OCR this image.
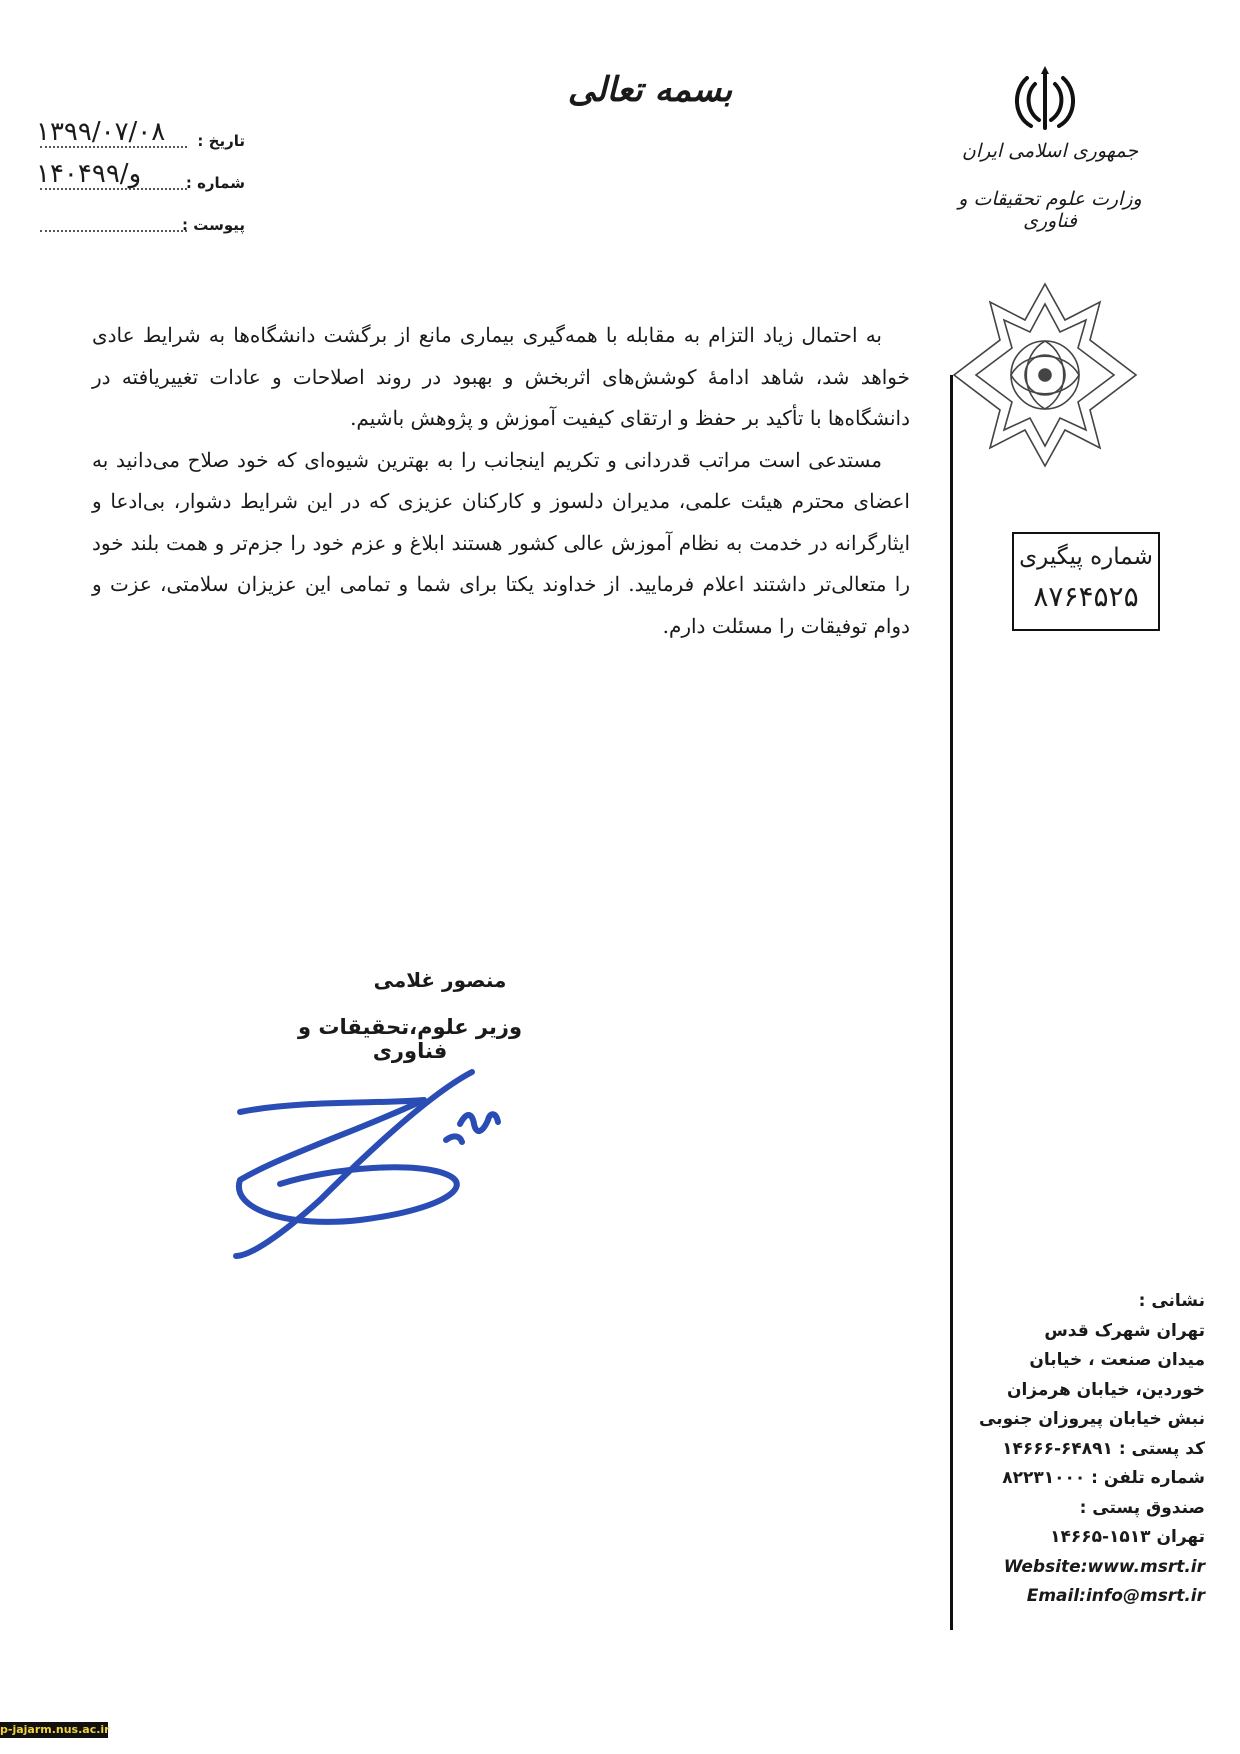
بسمه تعالی
جمهوری اسلامی ایران
وزارت علوم تحقیقات و فناوری
تاریخ :
۱۳۹۹/۰۷/۰۸
شماره :
۱۴۰۴۹۹/و
پیوست :
شماره پیگیری
۸۷۶۴۵۲۵

به احتمال زیاد التزام به مقابله با همه‌گیری بیماری مانع از برگشت دانشگاه‌ها به شرایط عادی خواهد شد، شاهد ادامهٔ کوشش‌های اثربخش و بهبود در روند اصلاحات و عادات تغییریافته در دانشگاه‌ها با تأکید بر حفظ و ارتقای کیفیت آموزش و پژوهش باشیم.

مستدعی است مراتب قدردانی و تکریم اینجانب را به بهترین شیوه‌ای که خود صلاح می‌دانید به اعضای محترم هیئت علمی، مدیران دلسوز و کارکنان عزیزی که در این شرایط دشوار، بی‌ادعا و ایثارگرانه در خدمت به نظام آموزش عالی کشور هستند ابلاغ و عزم خود را جزم‌تر و همت بلند خود را متعالی‌تر داشتند اعلام فرمایید. از خداوند یکتا برای شما و تمامی این عزیزان سلامتی، عزت و دوام توفیقات را مسئلت دارم.

منصور غلامی
وزیر علوم،تحقیقات و فناوری
نشانی :
تهران شهرک قدس
میدان صنعت ، خیابان
خوردین، خیابان هرمزان
نبش خیابان پیروزان جنوبی
کد پستی : ۶۴۸۹۱-۱۴۶۶۶
شماره تلفن : ۸۲۲۳۱۰۰۰
صندوق پستی :
تهران ۱۵۱۳-۱۴۶۶۵
Website:www.msrt.ir
Email:info@msrt.ir
p-jajarm.nus.ac.ir
